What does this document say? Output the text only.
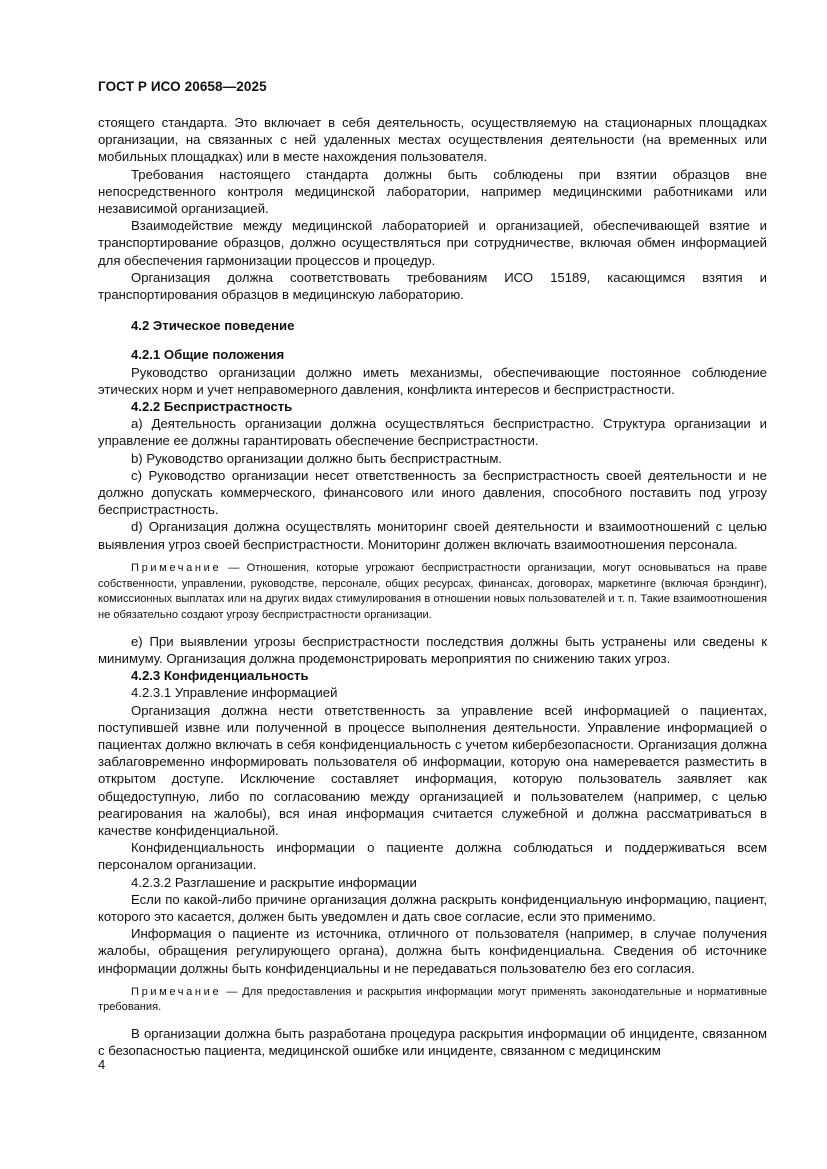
ГОСТ Р ИСО 20658—2025

стоящего стандарта. Это включает в себя деятельность, осуществляемую на стационарных площадках организации, на связанных с ней удаленных местах осуществления деятельности (на временных или мобильных площадках) или в месте нахождения пользователя.

Требования настоящего стандарта должны быть соблюдены при взятии образцов вне непосредственного контроля медицинской лаборатории, например медицинскими работниками или независимой организацией.

Взаимодействие между медицинской лабораторией и организацией, обеспечивающей взятие и транспортирование образцов, должно осуществляться при сотрудничестве, включая обмен информацией для обеспечения гармонизации процессов и процедур.

Организация должна соответствовать требованиям ИСО 15189, касающимся взятия и транспортирования образцов в медицинскую лабораторию.

4.2 Этическое поведение

4.2.1 Общие положения

Руководство организации должно иметь механизмы, обеспечивающие постоянное соблюдение этических норм и учет неправомерного давления, конфликта интересов и беспристрастности.

4.2.2 Беспристрастность

a) Деятельность организации должна осуществляться беспристрастно. Структура организации и управление ее должны гарантировать обеспечение беспристрастности.

b) Руководство организации должно быть беспристрастным.

c) Руководство организации несет ответственность за беспристрастность своей деятельности и не должно допускать коммерческого, финансового или иного давления, способного поставить под угрозу беспристрастность.

d) Организация должна осуществлять мониторинг своей деятельности и взаимоотношений с целью выявления угроз своей беспристрастности. Мониторинг должен включать взаимоотношения персонала.

Примечание — Отношения, которые угрожают беспристрастности организации, могут основываться на праве собственности, управлении, руководстве, персонале, общих ресурсах, финансах, договорах, маркетинге (включая брэндинг), комиссионных выплатах или на других видах стимулирования в отношении новых пользователей и т. п. Такие взаимоотношения не обязательно создают угрозу беспристрастности организации.

e) При выявлении угрозы беспристрастности последствия должны быть устранены или сведены к минимуму. Организация должна продемонстрировать мероприятия по снижению таких угроз.

4.2.3 Конфиденциальность

4.2.3.1 Управление информацией

Организация должна нести ответственность за управление всей информацией о пациентах, поступившей извне или полученной в процессе выполнения деятельности. Управление информацией о пациентах должно включать в себя конфиденциальность с учетом кибербезопасности. Организация должна заблаговременно информировать пользователя об информации, которую она намеревается разместить в открытом доступе. Исключение составляет информация, которую пользователь заявляет как общедоступную, либо по согласованию между организацией и пользователем (например, с целью реагирования на жалобы), вся иная информация считается служебной и должна рассматриваться в качестве конфиденциальной.

Конфиденциальность информации о пациенте должна соблюдаться и поддерживаться всем персоналом организации.

4.2.3.2 Разглашение и раскрытие информации

Если по какой-либо причине организация должна раскрыть конфиденциальную информацию, пациент, которого это касается, должен быть уведомлен и дать свое согласие, если это применимо.

Информация о пациенте из источника, отличного от пользователя (например, в случае получения жалобы, обращения регулирующего органа), должна быть конфиденциальна. Сведения об источнике информации должны быть конфиденциальны и не передаваться пользователю без его согласия.

Примечание — Для предоставления и раскрытия информации могут применять законодательные и нормативные требования.

В организации должна быть разработана процедура раскрытия информации об инциденте, связанном с безопасностью пациента, медицинской ошибке или инциденте, связанном с медицинским

4
